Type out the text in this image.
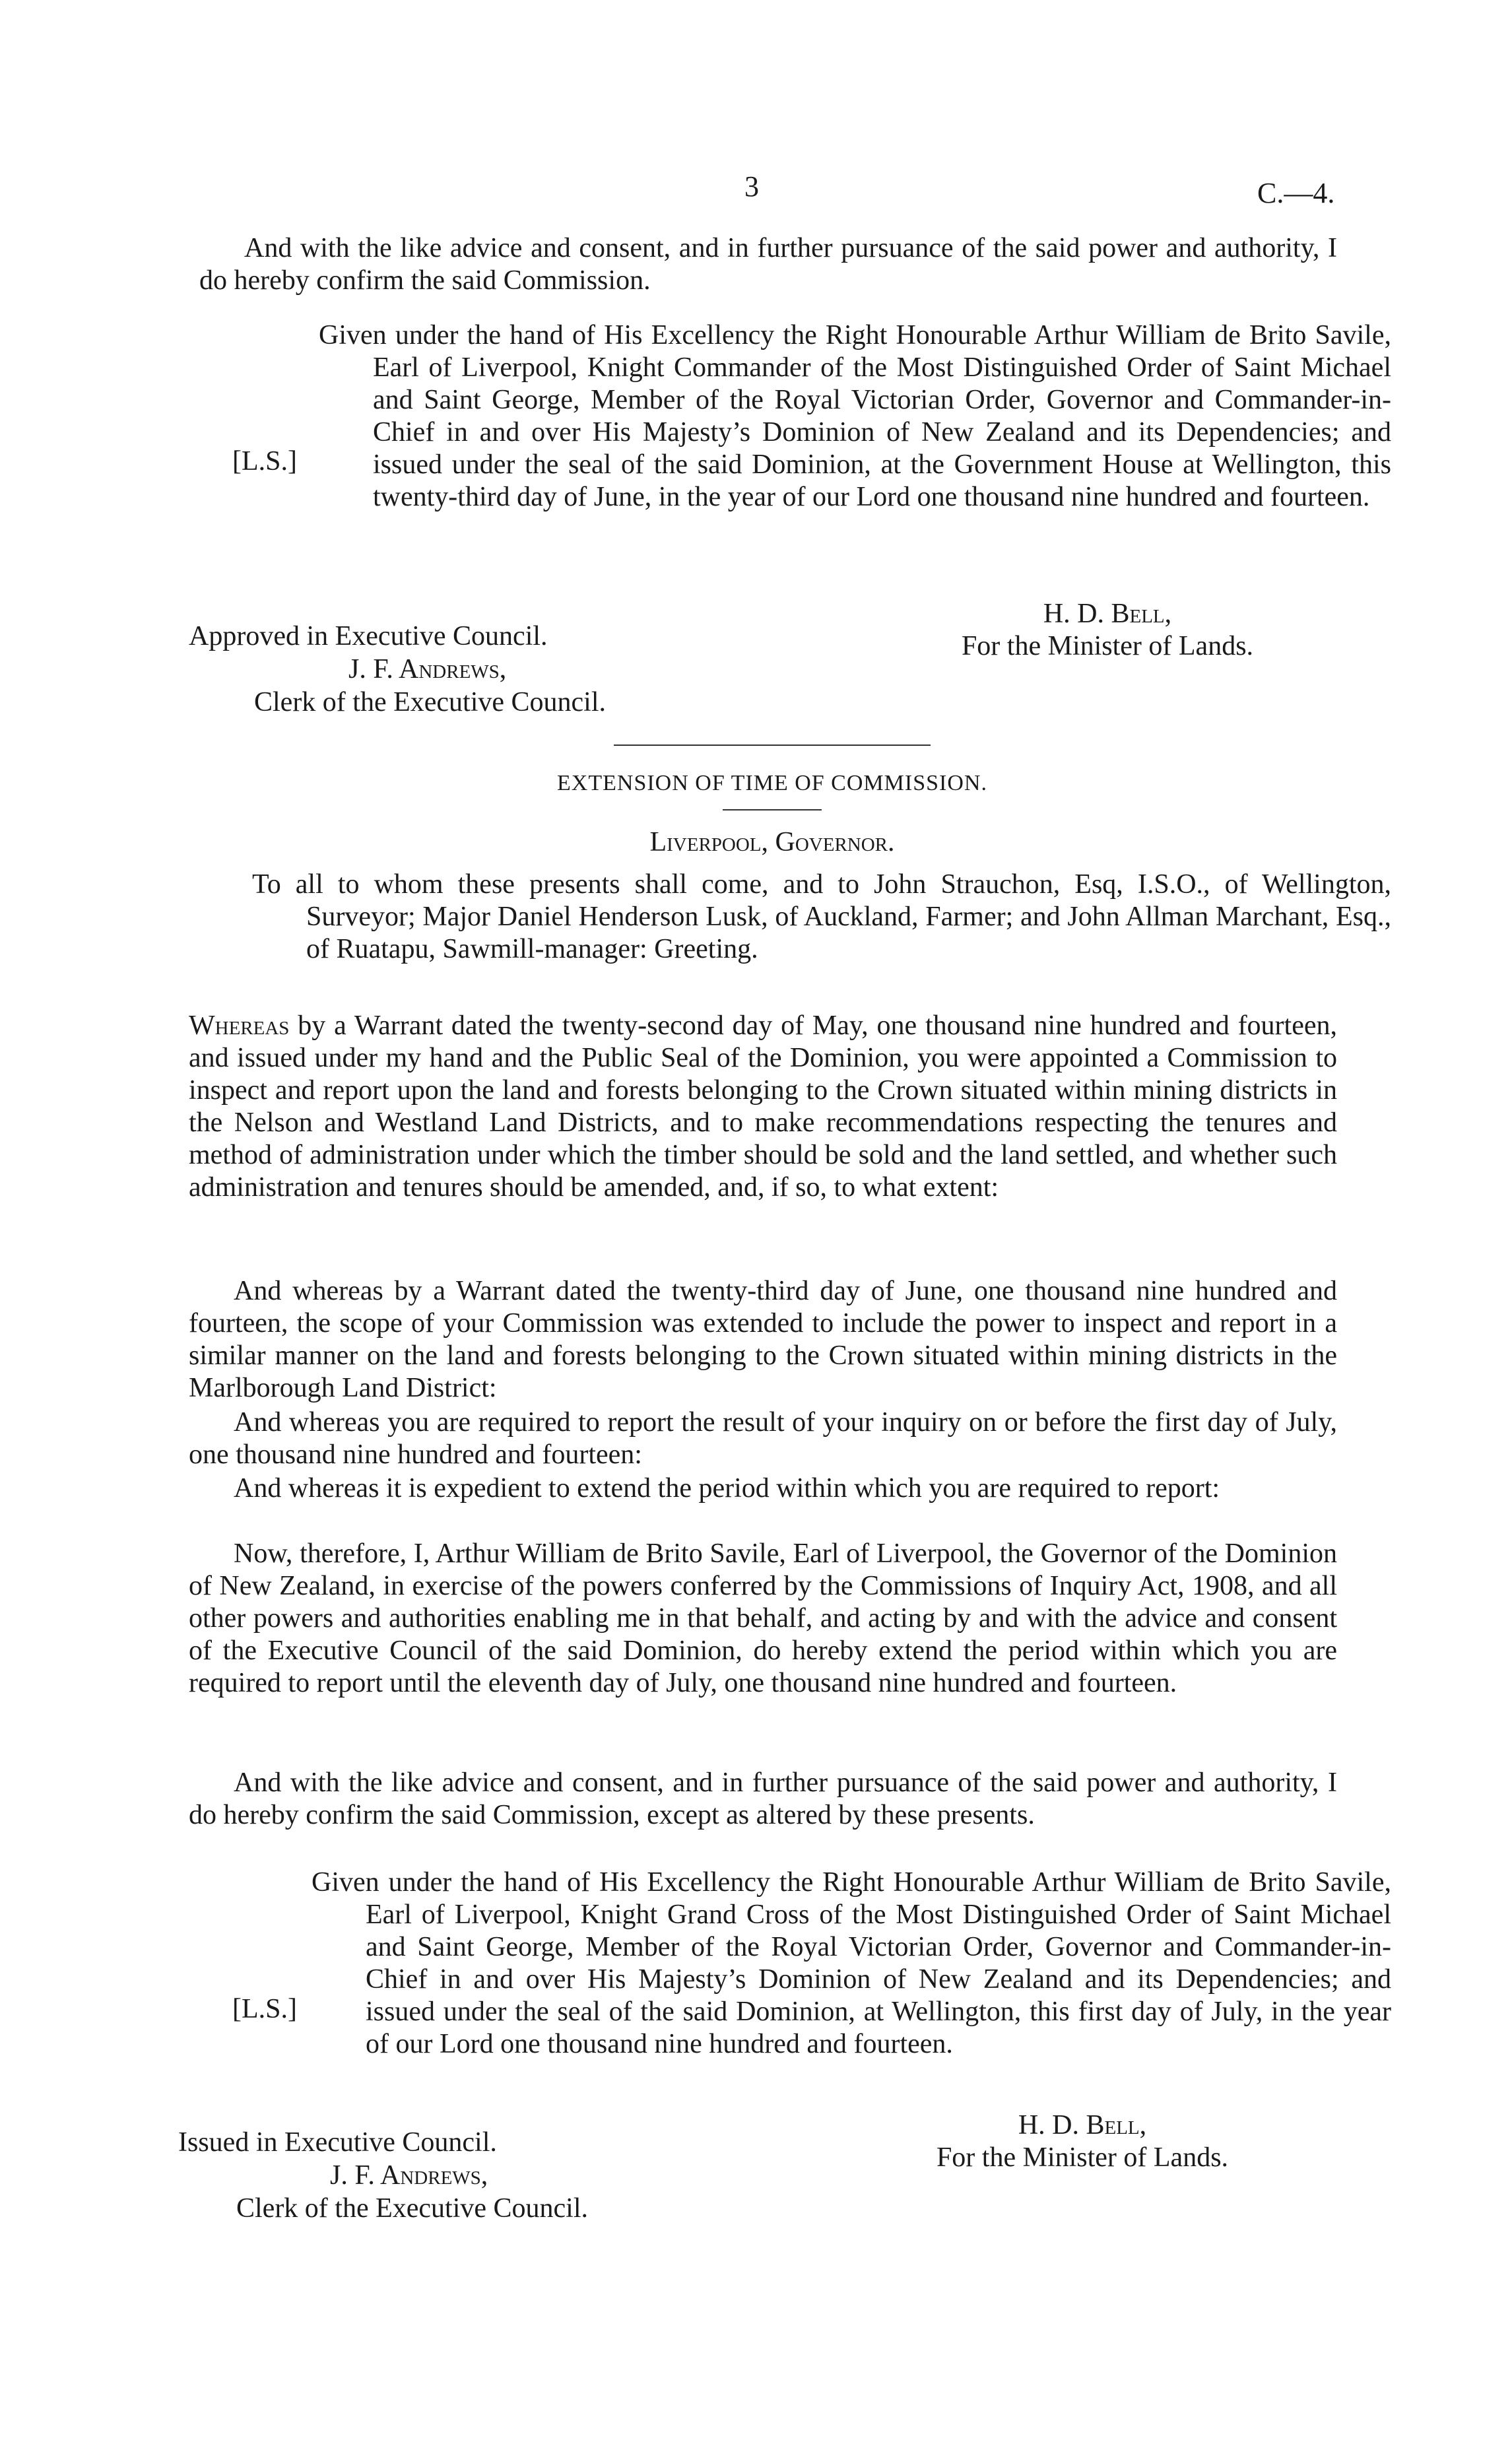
3	C.—4.

And with the like advice and consent, and in further pursuance of the said power and authority, I do hereby confirm the said Commission.

Given under the hand of His Excellency the Right Honourable Arthur William de Brito Savile, Earl of Liverpool, Knight Commander of the Most Distinguished Order of Saint Michael and Saint George, Member of the Royal Victorian Order, Governor and Commander-in-Chief in and over His Majesty’s Dominion of New Zealand and its Dependencies; and issued under the seal of the said Dominion, at the Government House at Wellington, this twenty-third day of June, in the year of our Lord one thousand nine hundred and fourteen.

[L.S.]
H. D. Bell,
For the Minister of Lands.
Approved in Executive Council.
J. F. Andrews,
Clerk of the Executive Council.
EXTENSION OF TIME OF COMMISSION.
Liverpool, Governor.

To all to whom these presents shall come, and to John Strauchon, Esq, I.S.O., of Wellington, Surveyor; Major Daniel Henderson Lusk, of Auckland, Farmer; and John Allman Marchant, Esq., of Ruatapu, Sawmill-manager: Greeting.

Whereas by a Warrant dated the twenty-second day of May, one thousand nine hundred and fourteen, and issued under my hand and the Public Seal of the Dominion, you were appointed a Commission to inspect and report upon the land and forests belonging to the Crown situated within mining districts in the Nelson and Westland Land Districts, and to make recommendations respecting the tenures and method of administration under which the timber should be sold and the land settled, and whether such administration and tenures should be amended, and, if so, to what extent:

And whereas by a Warrant dated the twenty-third day of June, one thousand nine hundred and fourteen, the scope of your Commission was extended to include the power to inspect and report in a similar manner on the land and forests belonging to the Crown situated within mining districts in the Marlborough Land District:

And whereas you are required to report the result of your inquiry on or before the first day of July, one thousand nine hundred and fourteen:

And whereas it is expedient to extend the period within which you are required to report:

Now, therefore, I, Arthur William de Brito Savile, Earl of Liverpool, the Governor of the Dominion of New Zealand, in exercise of the powers conferred by the Commissions of Inquiry Act, 1908, and all other powers and authorities enabling me in that behalf, and acting by and with the advice and consent of the Executive Council of the said Dominion, do hereby extend the period within which you are required to report until the eleventh day of July, one thousand nine hundred and fourteen.

And with the like advice and consent, and in further pursuance of the said power and authority, I do hereby confirm the said Commission, except as altered by these presents.

Given under the hand of His Excellency the Right Honourable Arthur William de Brito Savile, Earl of Liverpool, Knight Grand Cross of the Most Distinguished Order of Saint Michael and Saint George, Member of the Royal Victorian Order, Governor and Commander-in-Chief in and over His Majesty’s Dominion of New Zealand and its Dependencies; and issued under the seal of the said Dominion, at Wellington, this first day of July, in the year of our Lord one thousand nine hundred and fourteen.

[L.S.]
H. D. Bell,
For the Minister of Lands.
Issued in Executive Council.
J. F. Andrews,
Clerk of the Executive Council.
